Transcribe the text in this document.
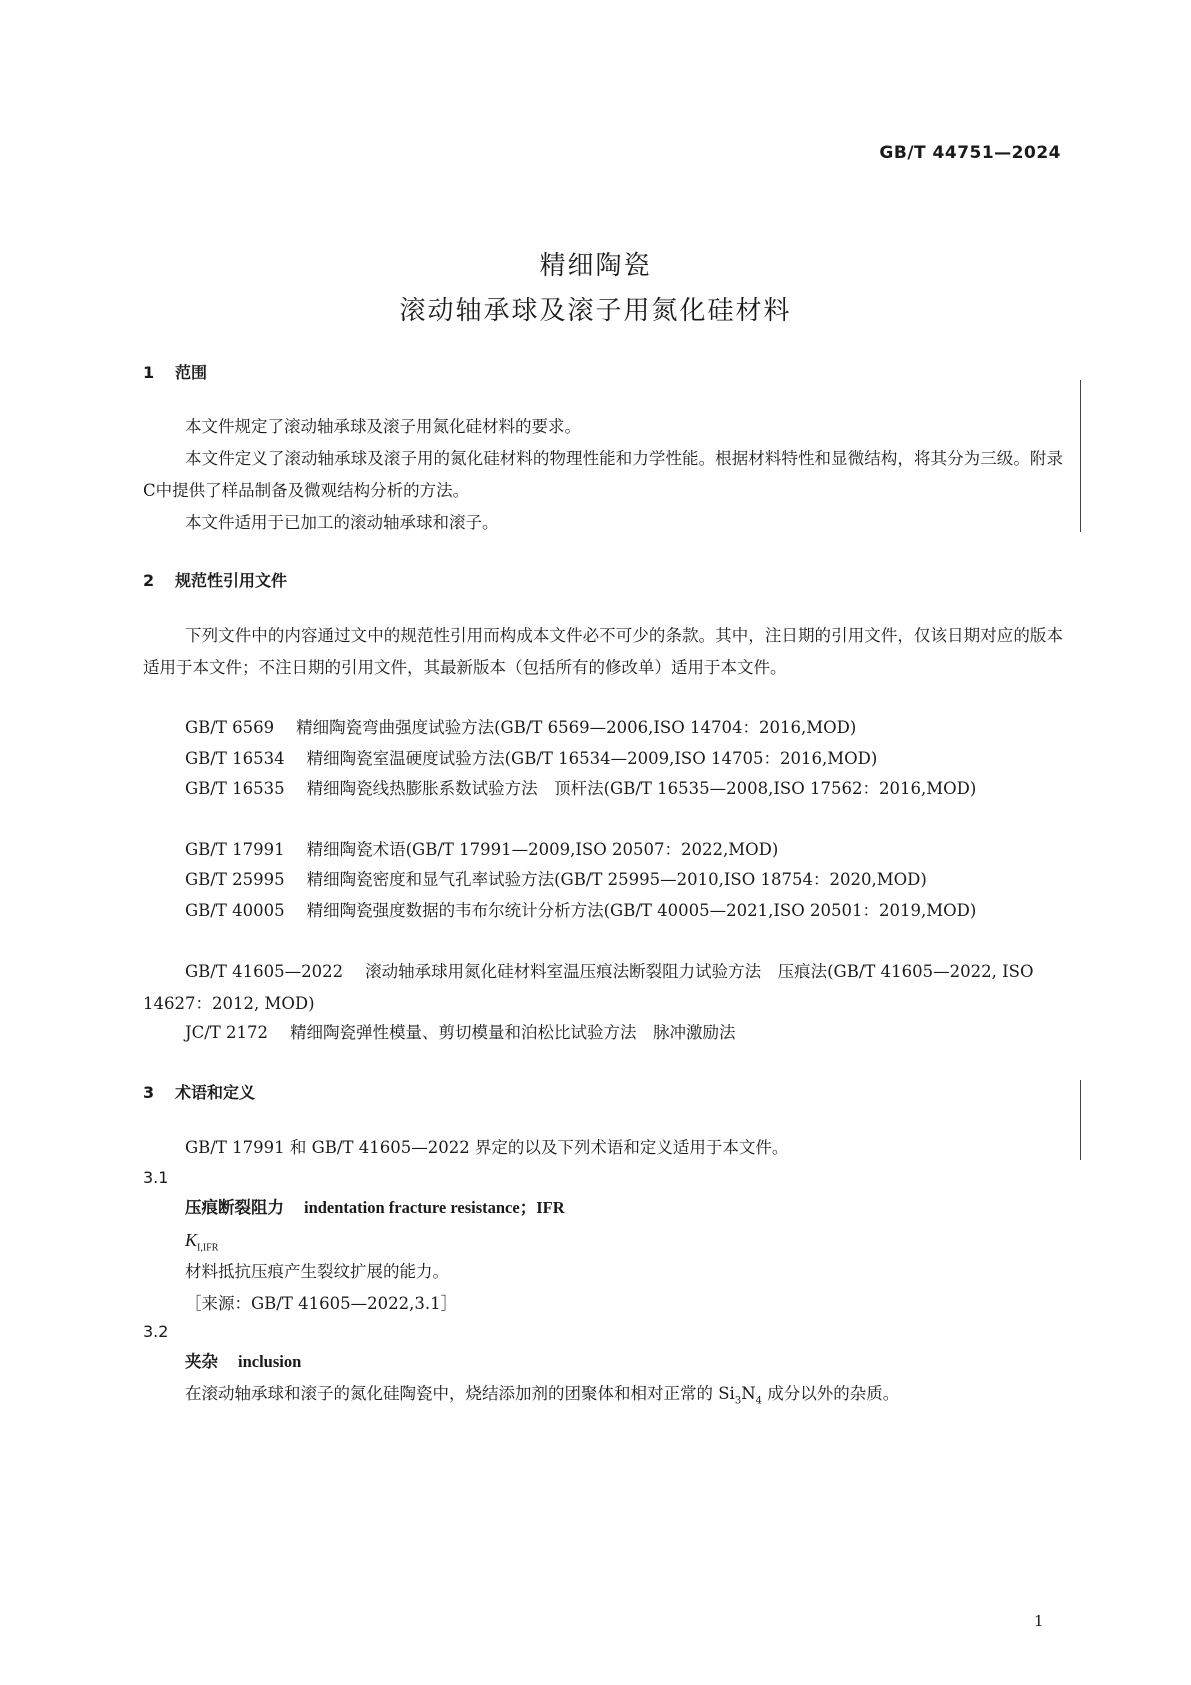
GB/T 44751—2024
精细陶瓷
滚动轴承球及滚子用氮化硅材料
1 范围
本文件规定了滚动轴承球及滚子用氮化硅材料的要求。
本文件定义了滚动轴承球及滚子用的氮化硅材料的物理性能和力学性能。根据材料特性和显微结构，将其分为三级。附录C中提供了样品制备及微观结构分析的方法。
本文件适用于已加工的滚动轴承球和滚子。
2 规范性引用文件
下列文件中的内容通过文中的规范性引用而构成本文件必不可少的条款。其中，注日期的引用文件，仅该日期对应的版本适用于本文件；不注日期的引用文件，其最新版本（包括所有的修改单）适用于本文件。
GB/T 6569 精细陶瓷弯曲强度试验方法(GB/T 6569—2006,ISO 14704：2016,MOD)
GB/T 16534 精细陶瓷室温硬度试验方法(GB/T 16534—2009,ISO 14705：2016,MOD)
GB/T 16535 精细陶瓷线热膨胀系数试验方法　顶杆法(GB/T 16535—2008,ISO 17562：2016,MOD)
GB/T 17991 精细陶瓷术语(GB/T 17991—2009,ISO 20507：2022,MOD)
GB/T 25995 精细陶瓷密度和显气孔率试验方法(GB/T 25995—2010,ISO 18754：2020,MOD)
GB/T 40005 精细陶瓷强度数据的韦布尔统计分析方法(GB/T 40005—2021,ISO 20501：2019,MOD)
GB/T 41605—2022 滚动轴承球用氮化硅材料室温压痕法断裂阻力试验方法　压痕法(GB/T 41605—2022, ISO 14627：2012, MOD)
JC/T 2172 精细陶瓷弹性模量、剪切模量和泊松比试验方法　脉冲激励法
3 术语和定义
GB/T 17991 和 GB/T 41605—2022 界定的以及下列术语和定义适用于本文件。
3.1
压痕断裂阻力 indentation fracture resistance；IFR
$K_{I,IFR}$
材料抵抗压痕产生裂纹扩展的能力。
［来源：GB/T 41605—2022,3.1］
3.2
夹杂 inclusion
在滚动轴承球和滚子的氮化硅陶瓷中，烧结添加剂的团聚体和相对正常的 $Si_3N_4$ 成分以外的杂质。
1
